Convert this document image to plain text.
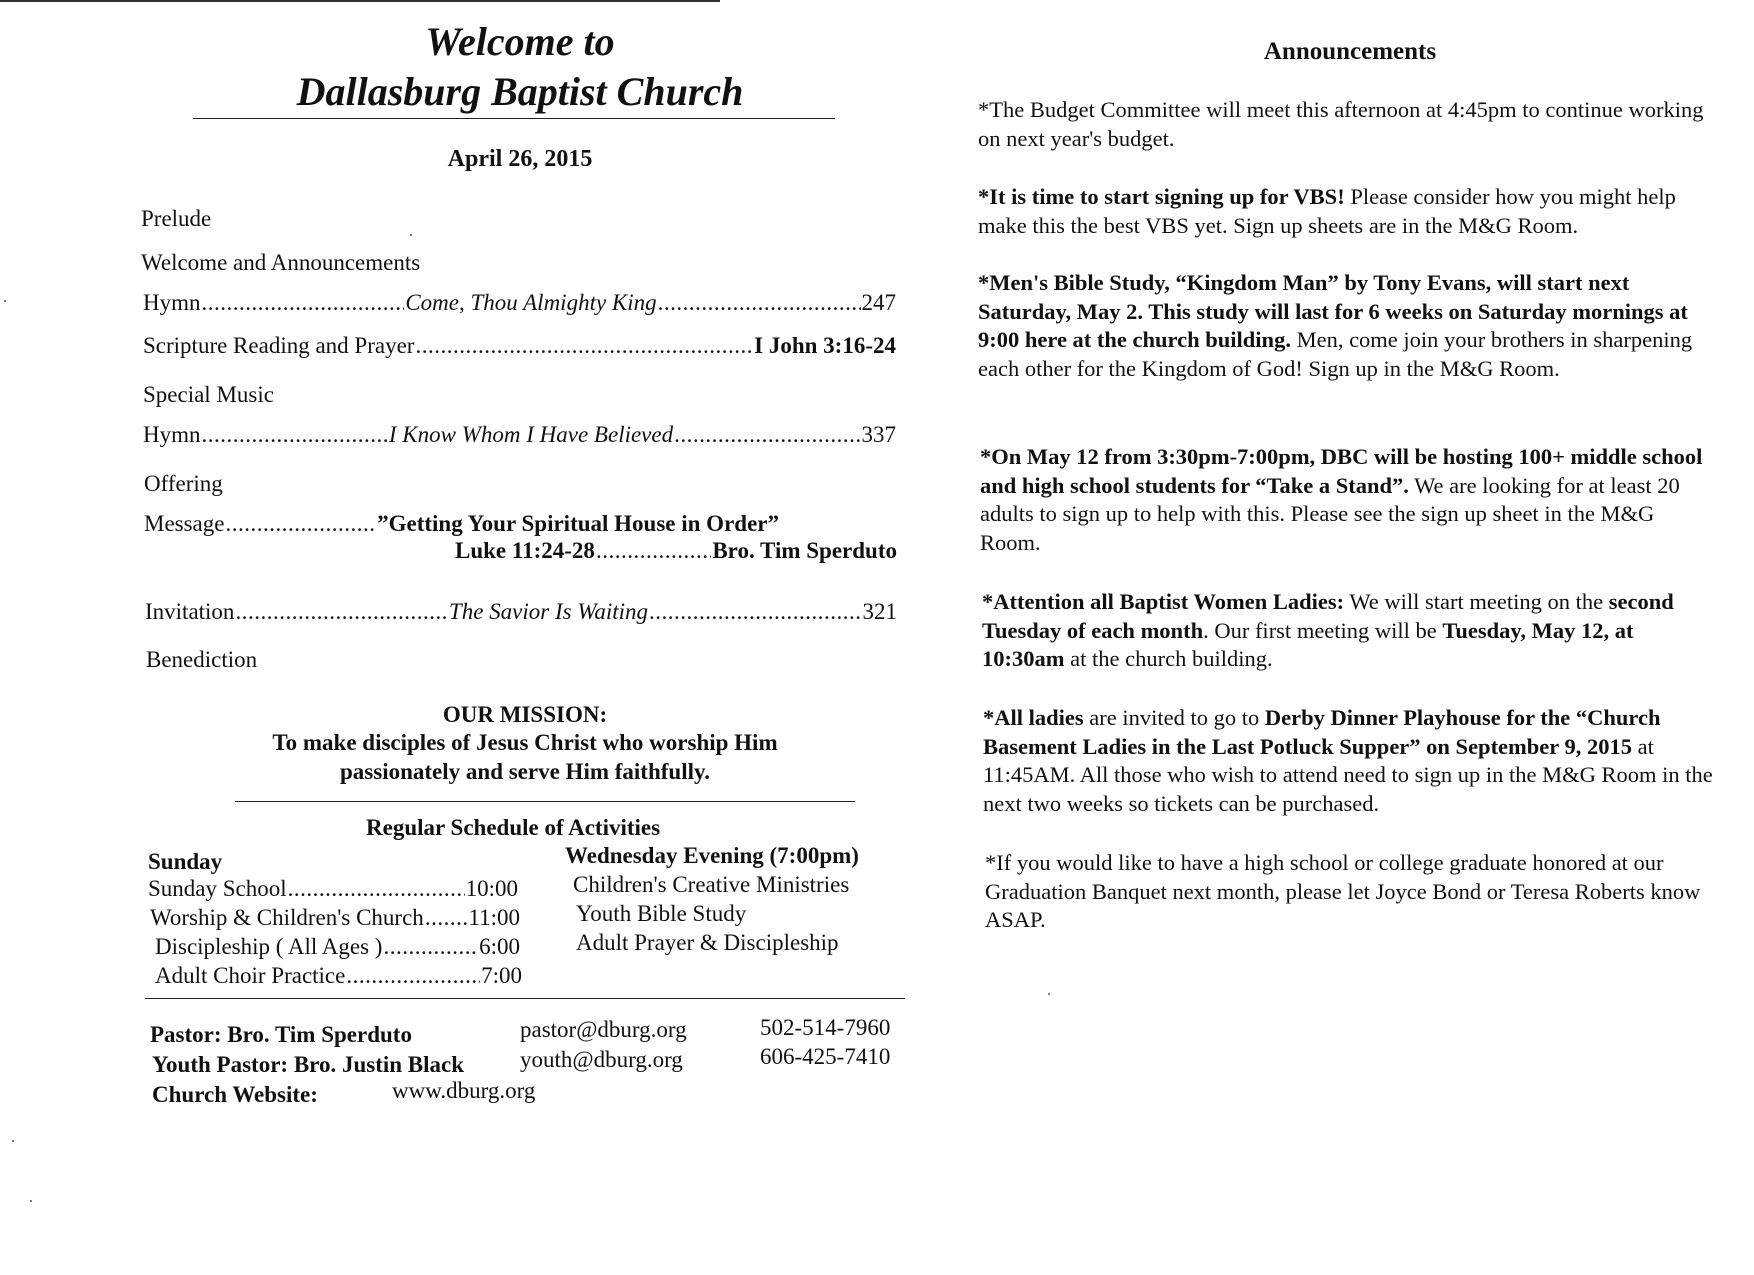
Welcome to
Dallasburg Baptist Church
April 26, 2015
Prelude
Welcome and Announcements
Hymn .....	Come, Thou Almighty King .....	247
Scripture Reading and Prayer .....	I John 3:16-24
Special Music
Hymn .....	I Know Whom I Have Believed .....	337
Offering
Message .....	”Getting Your Spiritual House in Order”
Luke 11:24-28 .....	Bro. Tim Sperduto
Invitation .....	The Savior Is Waiting .....	321
Benediction
OUR MISSION:
To make disciples of Jesus Christ who worship Him
passionately and serve Him faithfully.
Regular Schedule of Activities
Sunday
Sunday School .....	10:00
Worship & Children's Church ..... 11:00
Discipleship ( All Ages ) .....	6:00
Adult Choir Practice .....	7:00
Wednesday Evening (7:00pm)
Children's Creative Ministries
Youth Bible Study
Adult Prayer & Discipleship
Pastor: Bro. Tim Sperduto	pastor@dburg.org	502-514-7960
Youth Pastor: Bro. Justin Black youth@dburg.org	606-425-7410
Church Website:	www.dburg.org
Announcements
*The Budget Committee will meet this afternoon at 4:45pm to continue working on next year's budget.
*It is time to start signing up for VBS! Please consider how you might help make this the best VBS yet. Sign up sheets are in the M&G Room.
*Men's Bible Study, “Kingdom Man” by Tony Evans, will start next Saturday, May 2. This study will last for 6 weeks on Saturday mornings at 9:00 here at the church building. Men, come join your brothers in sharpening each other for the Kingdom of God! Sign up in the M&G Room.
*On May 12 from 3:30pm-7:00pm, DBC will be hosting 100+ middle school and high school students for “Take a Stand”. We are looking for at least 20 adults to sign up to help with this. Please see the sign up sheet in the M&G Room.
*Attention all Baptist Women Ladies: We will start meeting on the second Tuesday of each month. Our first meeting will be Tuesday, May 12, at 10:30am at the church building.
*All ladies are invited to go to Derby Dinner Playhouse for the “Church Basement Ladies in the Last Potluck Supper” on September 9, 2015 at 11:45AM. All those who wish to attend need to sign up in the M&G Room in the next two weeks so tickets can be purchased.
*If you would like to have a high school or college graduate honored at our Graduation Banquet next month, please let Joyce Bond or Teresa Roberts know ASAP.
